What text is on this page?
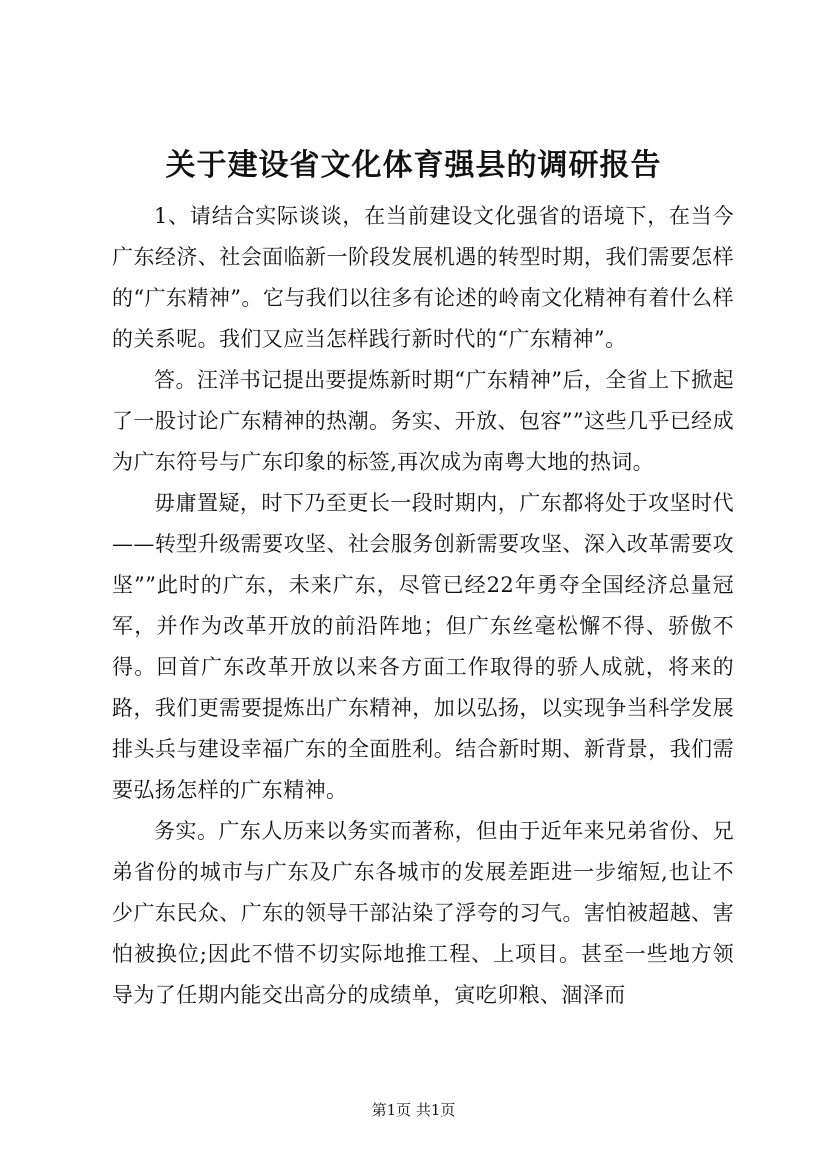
关于建设省文化体育强县的调研报告

1、请结合实际谈谈，在当前建设文化强省的语境下，在当今广东经济、社会面临新一阶段发展机遇的转型时期，我们需要怎样的“广东精神”。它与我们以往多有论述的岭南文化精神有着什么样的关系呢。我们又应当怎样践行新时代的“广东精神”。

答。汪洋书记提出要提炼新时期“广东精神”后，全省上下掀起了一股讨论广东精神的热潮。务实、开放、包容””这些几乎已经成为广东符号与广东印象的标签,再次成为南粤大地的热词。

毋庸置疑，时下乃至更长一段时期内，广东都将处于攻坚时代——转型升级需要攻坚、社会服务创新需要攻坚、深入改革需要攻坚””此时的广东，未来广东，尽管已经22年勇夺全国经济总量冠军，并作为改革开放的前沿阵地；但广东丝毫松懈不得、骄傲不得。回首广东改革开放以来各方面工作取得的骄人成就，将来的路，我们更需要提炼出广东精神，加以弘扬，以实现争当科学发展排头兵与建设幸福广东的全面胜利。结合新时期、新背景，我们需要弘扬怎样的广东精神。

务实。广东人历来以务实而著称，但由于近年来兄弟省份、兄弟省份的城市与广东及广东各城市的发展差距进一步缩短,也让不少广东民众、广东的领导干部沾染了浮夸的习气。害怕被超越、害怕被换位;因此不惜不切实际地推工程、上项目。甚至一些地方领导为了任期内能交出高分的成绩单，寅吃卯粮、涸泽而

第1页 共1页
